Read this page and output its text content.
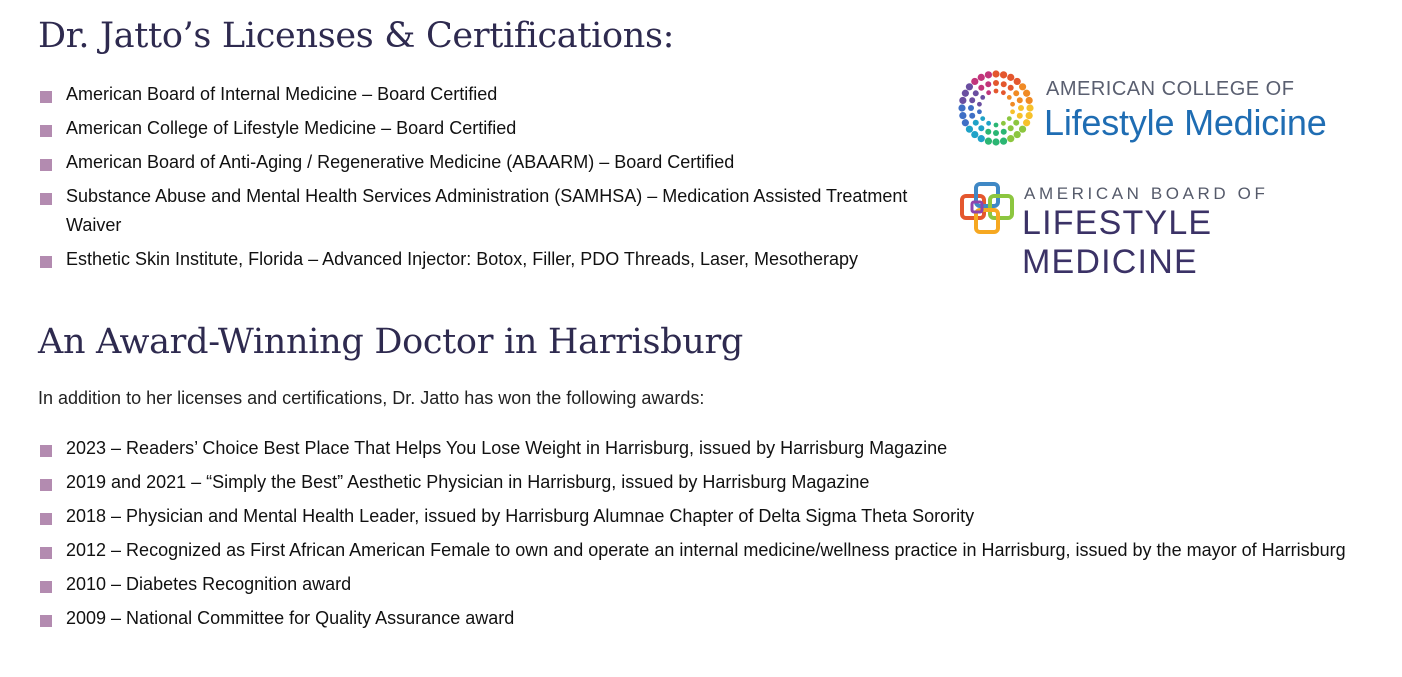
Dr. Jatto’s Licenses & Certifications:
American Board of Internal Medicine – Board Certified
American College of Lifestyle Medicine – Board Certified
American Board of Anti-Aging / Regenerative Medicine (ABAARM) – Board Certified
Substance Abuse and Mental Health Services Administration (SAMHSA) – Medication Assisted Treatment Waiver
Esthetic Skin Institute, Florida – Advanced Injector: Botox, Filler, PDO Threads, Laser, Mesotherapy
AMERICAN COLLEGE OF
Lifestyle Medicine
AMERICAN BOARD OF
LIFESTYLE MEDICINE
An Award-Winning Doctor in Harrisburg

In addition to her licenses and certifications, Dr. Jatto has won the following awards:

2023 – Readers’ Choice Best Place That Helps You Lose Weight in Harrisburg, issued by Harrisburg Magazine
2019 and 2021 – “Simply the Best” Aesthetic Physician in Harrisburg, issued by Harrisburg Magazine
2018 – Physician and Mental Health Leader, issued by Harrisburg Alumnae Chapter of Delta Sigma Theta Sorority
2012 – Recognized as First African American Female to own and operate an internal medicine/wellness practice in Harrisburg, issued by the mayor of Harrisburg
2010 – Diabetes Recognition award
2009 – National Committee for Quality Assurance award
